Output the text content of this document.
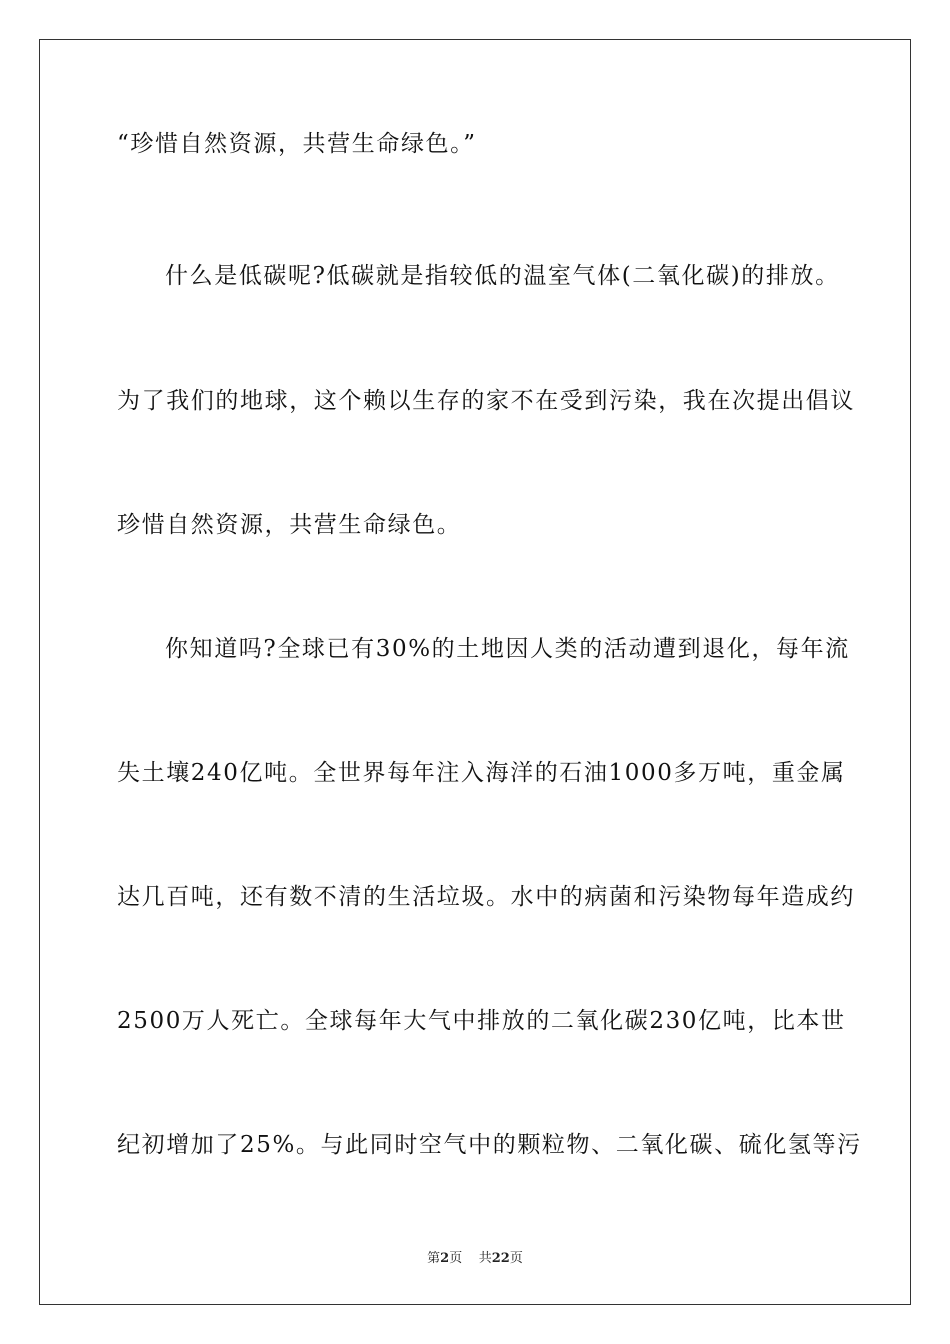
“珍惜自然资源，共营生命绿色。”
什么是低碳呢?低碳就是指较低的温室气体(二氧化碳)的排放。
为了我们的地球，这个赖以生存的家不在受到污染，我在次提出倡议
珍惜自然资源，共营生命绿色。
你知道吗?全球已有30%的土地因人类的活动遭到退化，每年流
失土壤240亿吨。全世界每年注入海洋的石油1000多万吨，重金属
达几百吨，还有数不清的生活垃圾。水中的病菌和污染物每年造成约
2500万人死亡。全球每年大气中排放的二氧化碳230亿吨，比本世
纪初增加了25%。与此同时空气中的颗粒物、二氧化碳、硫化氢等污
第2页 共22页
